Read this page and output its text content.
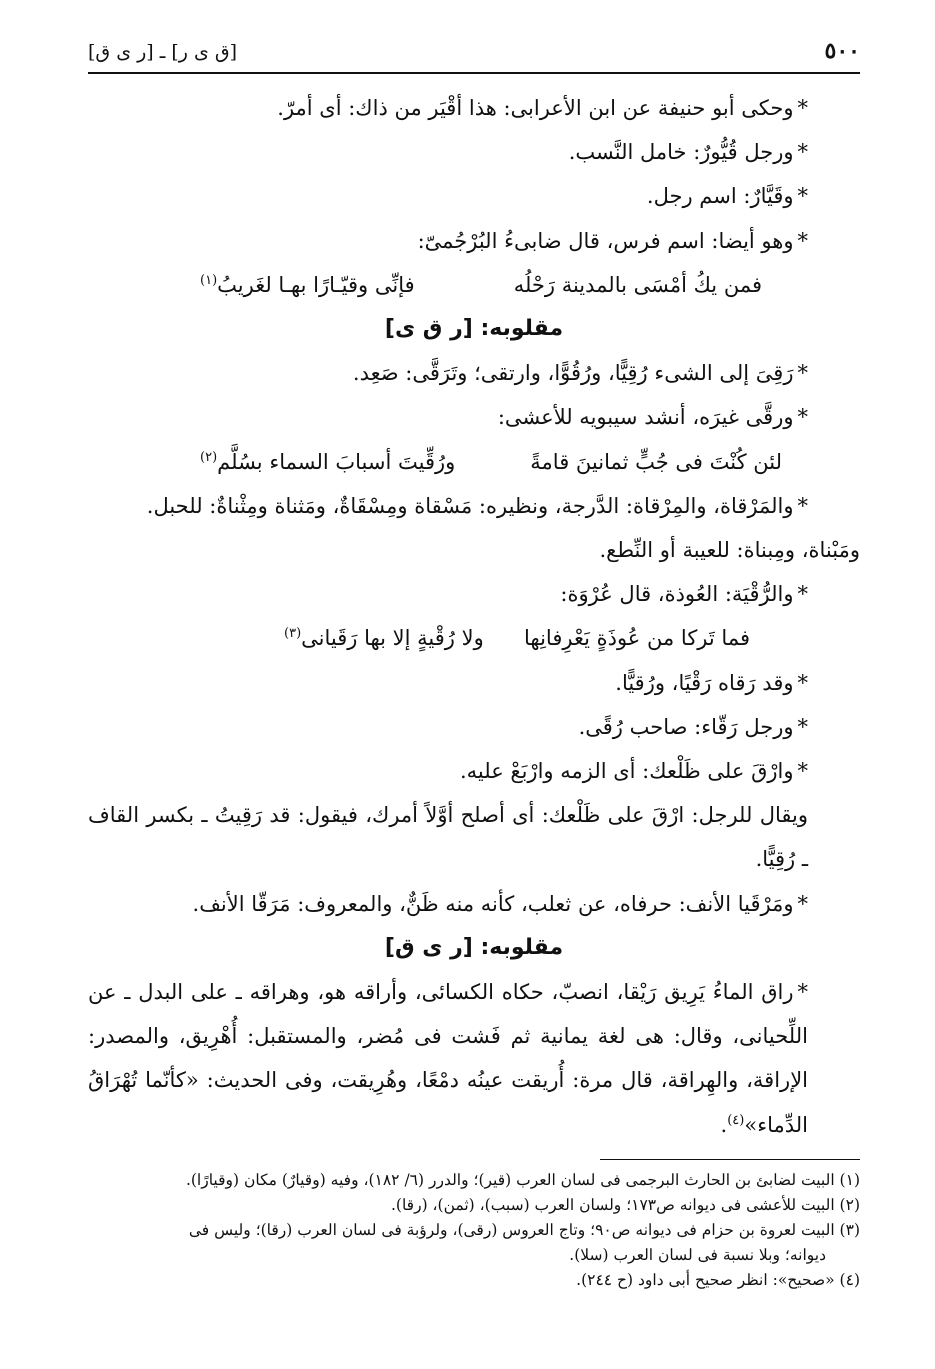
٥٠٠
[ق ى ر] ـ [ر ى ق]

*وحكى أبو حنيفة عن ابن الأعرابى: هذا أقْيَر من ذاك: أى أمرّ.

*ورجل قُيُّورٌ: خامل النَّسب.

*وقَيَّارٌ: اسم رجل.

*وهو أيضا: اسم فرس، قال ضابىءُ البُرْجُمىّ:

فمن يكُ أمْسَى بالمدينة رَحْلُه
فإنِّى وقيّـارًا بهـا لغَريبُ$^{(١)}$

مقلوبه: [ر ق ى]

*رَقِىَ إلى الشىء رُقِيًّا، ورُقُوًّا، وارتقى؛ وتَرَقَّى: صَعِد.

*ورقَّى غيرَه، أنشد سيبويه للأعشى:

لئن كُنْتَ فى جُبٍّ ثمانينَ قامةً
ورُقِّيتَ أسبابَ السماء بسُلَّم$^{(٢)}$

*والمَرْقاة، والمِرْقاة: الدَّرجة، ونظيره: مَسْقاة ومِسْقَاةٌ، ومَثناة ومِثْناةٌ: للحبل.

ومَبْناة، ومِبناة: للعيبة أو النِّطع.

*والرُّقْيَة: العُوذة، قال عُرْوَة:

فما تَركا من عُوذَةٍ يَعْرِفانِها
ولا رُقْيةٍ إلا بها رَقَيانى$^{(٣)}$

*وقد رَقاه رَقْيًا، ورُقيًّا.

*ورجل رَقّاء: صاحب رُقًى.

*وارْقَ على ظَلْعك: أى الزمه وارْبَعْ عليه.

ويقال للرجل: ارْقَ على ظَلْعك: أى أصلح أوَّلاً أمرك، فيقول: قد رَقِيتُ ـ بكسر القاف ـ رُقِيًّا.

*ومَرْقَيا الأنف: حرفاه، عن ثعلب، كأنه منه ظَنٌّ، والمعروف: مَرَقّا الأنف.

مقلوبه: [ر ى ق]

*راق الماءُ يَرِيق رَيْقا، انصبّ، حكاه الكسائى، وأراقه هو، وهراقه ـ على البدل ـ عن اللِّحيانى، وقال: هى لغة يمانية ثم فَشت فى مُضر، والمستقبل: أُهْرِيق، والمصدر: الإراقة، والهِراقة، قال مرة: أُريقت عينُه دمْعًا، وهُرِيقت، وفى الحديث: «كأنّما تُهْرَاقُ الدِّماء»$^{(٤)}$.

(١) البيت لضابئ بن الحارث البرجمى فى لسان العرب (قير)؛ والدرر (٦/ ١٨٢)، وفيه (وقيارٌ) مكان (وقيارًا).

(٢) البيت للأعشى فى ديوانه ص١٧٣؛ ولسان العرب (سبب)، (ثمن)، (رقا).

(٣) البيت لعروة بن حزام فى ديوانه ص٩٠؛ وتاج العروس (رقى)، ولرؤبة فى لسان العرب (رقا)؛ وليس فى

ديوانه؛ وبلا نسبة فى لسان العرب (سلا).

(٤) «صحيح»: انظر صحيح أبى داود (ح ٢٤٤).
